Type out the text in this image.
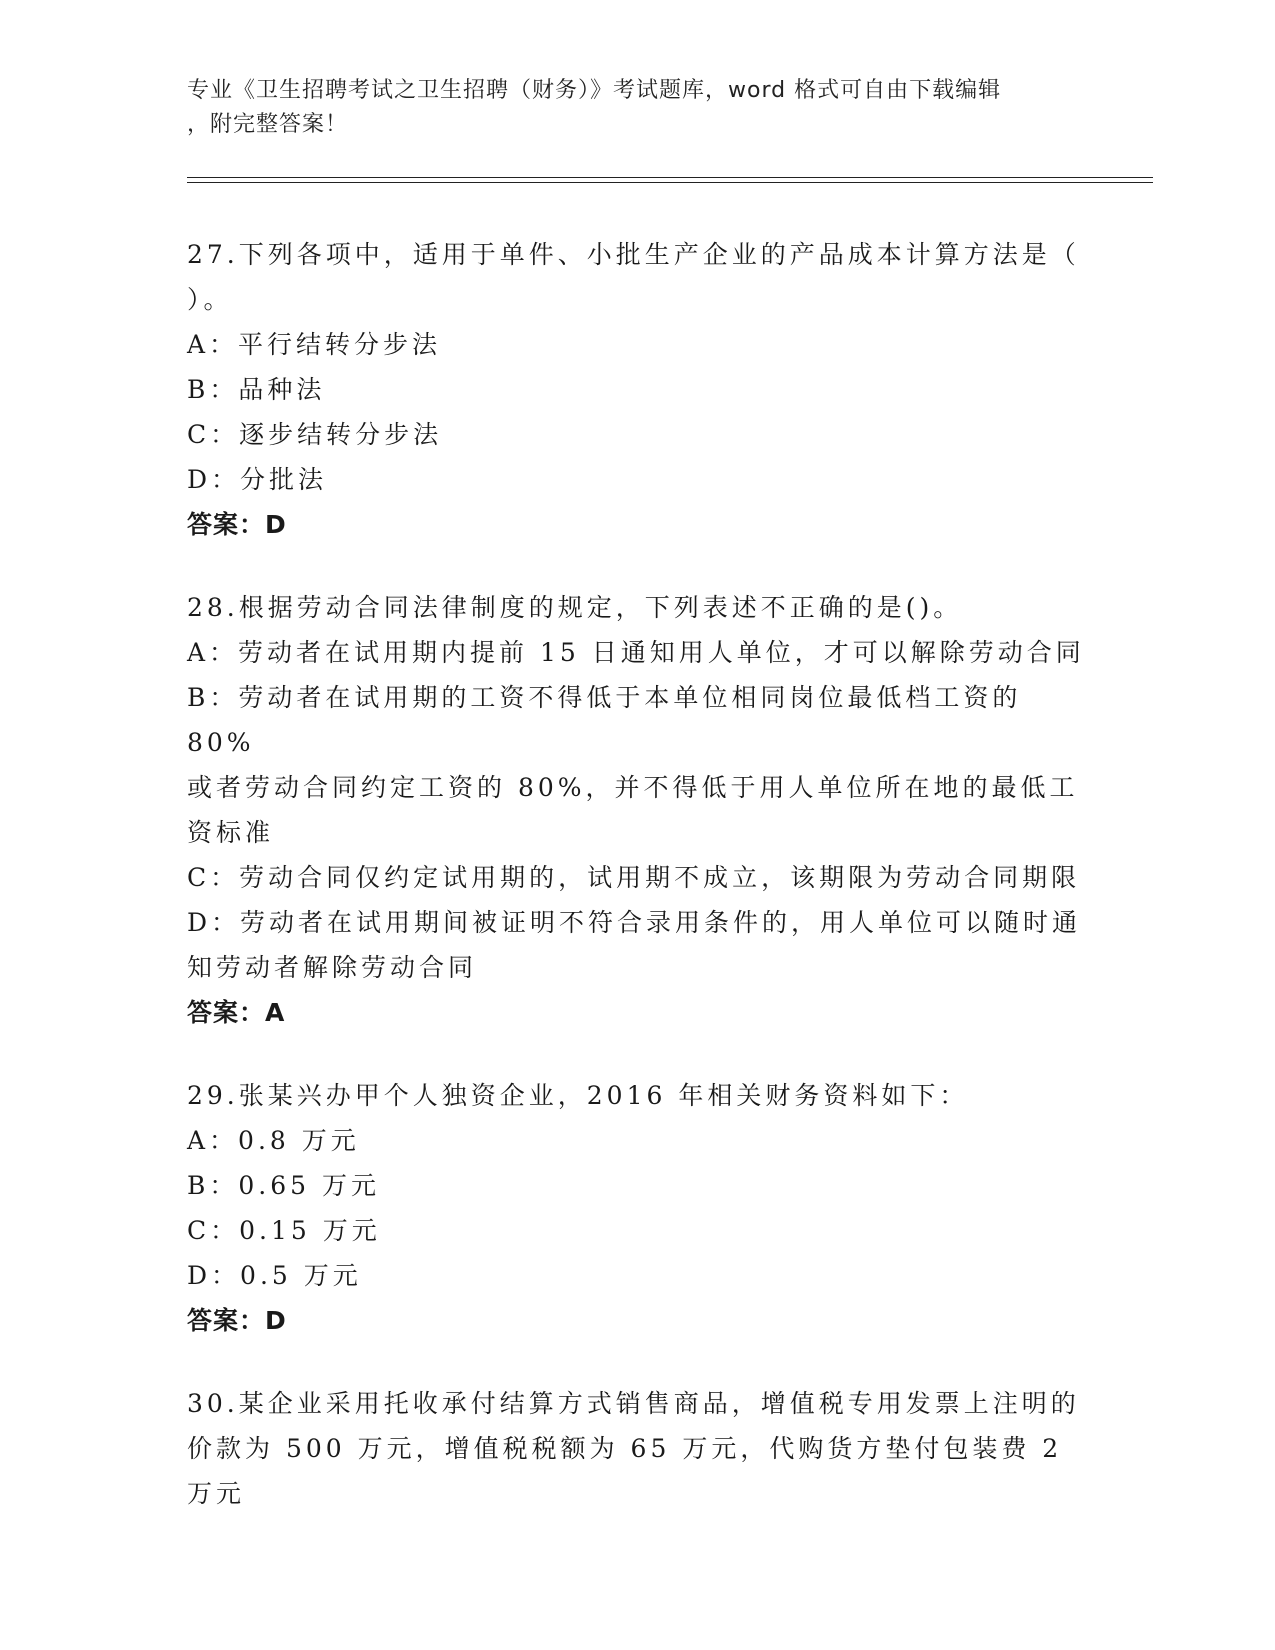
专业《卫生招聘考试之卫生招聘（财务）》考试题库，word 格式可自由下载编辑
，附完整答案！

27.下列各项中，适用于单件、小批生产企业的产品成本计算方法是（

）。

A：平行结转分步法

B：品种法

C：逐步结转分步法

D：分批法

答案：D

28.根据劳动合同法律制度的规定，下列表述不正确的是()。

A：劳动者在试用期内提前 15 日通知用人单位，才可以解除劳动合同

B：劳动者在试用期的工资不得低于本单位相同岗位最低档工资的 80%

或者劳动合同约定工资的 80%，并不得低于用人单位所在地的最低工

资标准

C：劳动合同仅约定试用期的，试用期不成立，该期限为劳动合同期限

D：劳动者在试用期间被证明不符合录用条件的，用人单位可以随时通

知劳动者解除劳动合同

答案：A

29.张某兴办甲个人独资企业，2016 年相关财务资料如下：

A：0.8 万元

B：0.65 万元

C：0.15 万元

D：0.5 万元

答案：D

30.某企业采用托收承付结算方式销售商品，增值税专用发票上注明的

价款为 500 万元，增值税税额为 65 万元，代购货方垫付包装费 2 万元
